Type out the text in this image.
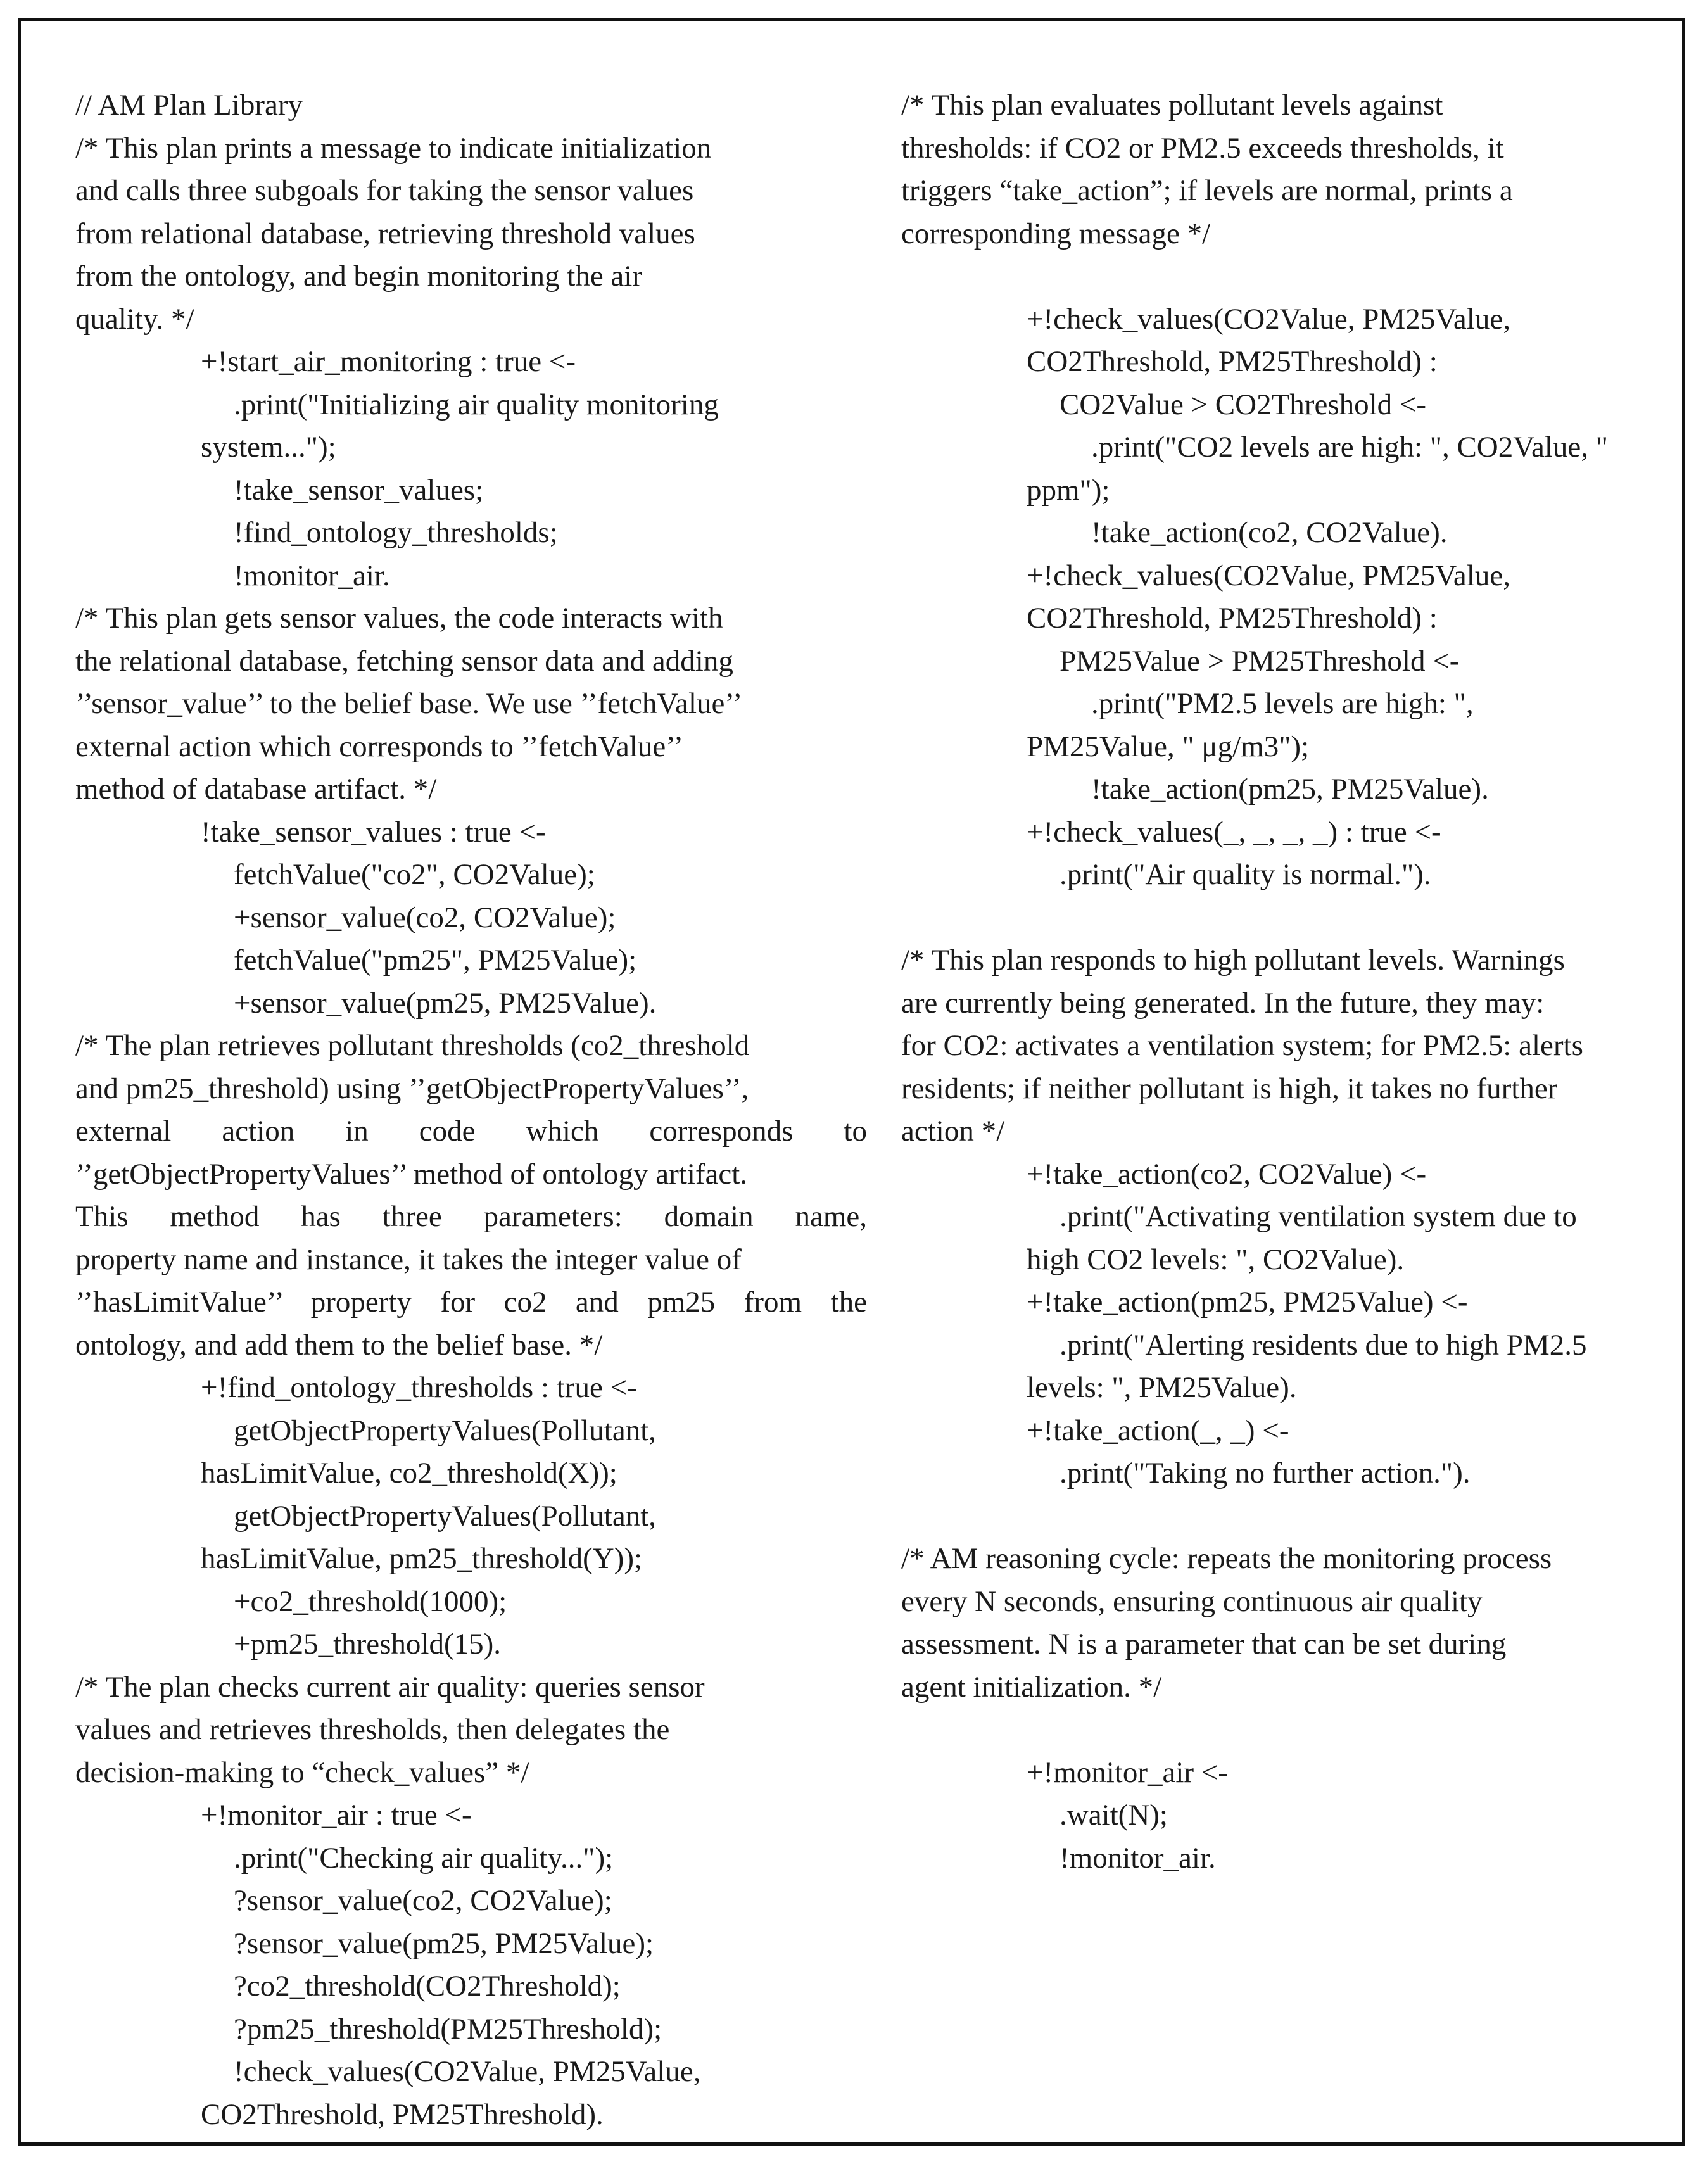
// AM Plan Library
/* This plan prints a message to indicate initialization
and calls three subgoals for taking the sensor values
from relational database, retrieving threshold values
from the ontology, and begin monitoring the air
quality. */
+!start_air_monitoring : true <-
.print("Initializing air quality monitoring
system...");
!take_sensor_values;
!find_ontology_thresholds;
!monitor_air.
/* This plan gets sensor values, the code interacts with
the relational database, fetching sensor data and adding
’’sensor_value’’ to the belief base. We use ’’fetchValue’’
external action which corresponds to ’’fetchValue’’
method of database artifact. */
!take_sensor_values : true <-
fetchValue("co2", CO2Value);
+sensor_value(co2, CO2Value);
fetchValue("pm25", PM25Value);
+sensor_value(pm25, PM25Value).
/* The plan retrieves pollutant thresholds (co2_threshold
and pm25_threshold) using ’’getObjectPropertyValues’’,
external action in code which corresponds to
’’getObjectPropertyValues’’ method of ontology artifact.
This method has three parameters: domain name,
property name and instance, it takes the integer value of
’’hasLimitValue’’ property for co2 and pm25 from the
ontology, and add them to the belief base. */
+!find_ontology_thresholds : true <-
getObjectPropertyValues(Pollutant,
hasLimitValue, co2_threshold(X));
getObjectPropertyValues(Pollutant,
hasLimitValue, pm25_threshold(Y));
+co2_threshold(1000);
+pm25_threshold(15).
/* The plan checks current air quality: queries sensor
values and retrieves thresholds, then delegates the
decision-making to “check_values” */
+!monitor_air : true <-
.print("Checking air quality...");
?sensor_value(co2, CO2Value);
?sensor_value(pm25, PM25Value);
?co2_threshold(CO2Threshold);
?pm25_threshold(PM25Threshold);
!check_values(CO2Value, PM25Value,
CO2Threshold, PM25Threshold).
/* This plan evaluates pollutant levels against
thresholds: if CO2 or PM2.5 exceeds thresholds, it
triggers “take_action”; if levels are normal, prints a
corresponding message */
+!check_values(CO2Value, PM25Value,
CO2Threshold, PM25Threshold) :
CO2Value > CO2Threshold <-
.print("CO2 levels are high: ", CO2Value, "
ppm");
!take_action(co2, CO2Value).
+!check_values(CO2Value, PM25Value,
CO2Threshold, PM25Threshold) :
PM25Value > PM25Threshold <-
.print("PM2.5 levels are high: ",
PM25Value, " μg/m3");
!take_action(pm25, PM25Value).
+!check_values(_, _, _, _) : true <-
.print("Air quality is normal.").
/* This plan responds to high pollutant levels. Warnings
are currently being generated. In the future, they may:
for CO2: activates a ventilation system; for PM2.5: alerts
residents; if neither pollutant is high, it takes no further
action */
+!take_action(co2, CO2Value) <-
.print("Activating ventilation system due to
high CO2 levels: ", CO2Value).
+!take_action(pm25, PM25Value) <-
.print("Alerting residents due to high PM2.5
levels: ", PM25Value).
+!take_action(_, _) <-
.print("Taking no further action.").
/* AM reasoning cycle: repeats the monitoring process
every N seconds, ensuring continuous air quality
assessment. N is a parameter that can be set during
agent initialization. */
+!monitor_air <-
.wait(N);
!monitor_air.
